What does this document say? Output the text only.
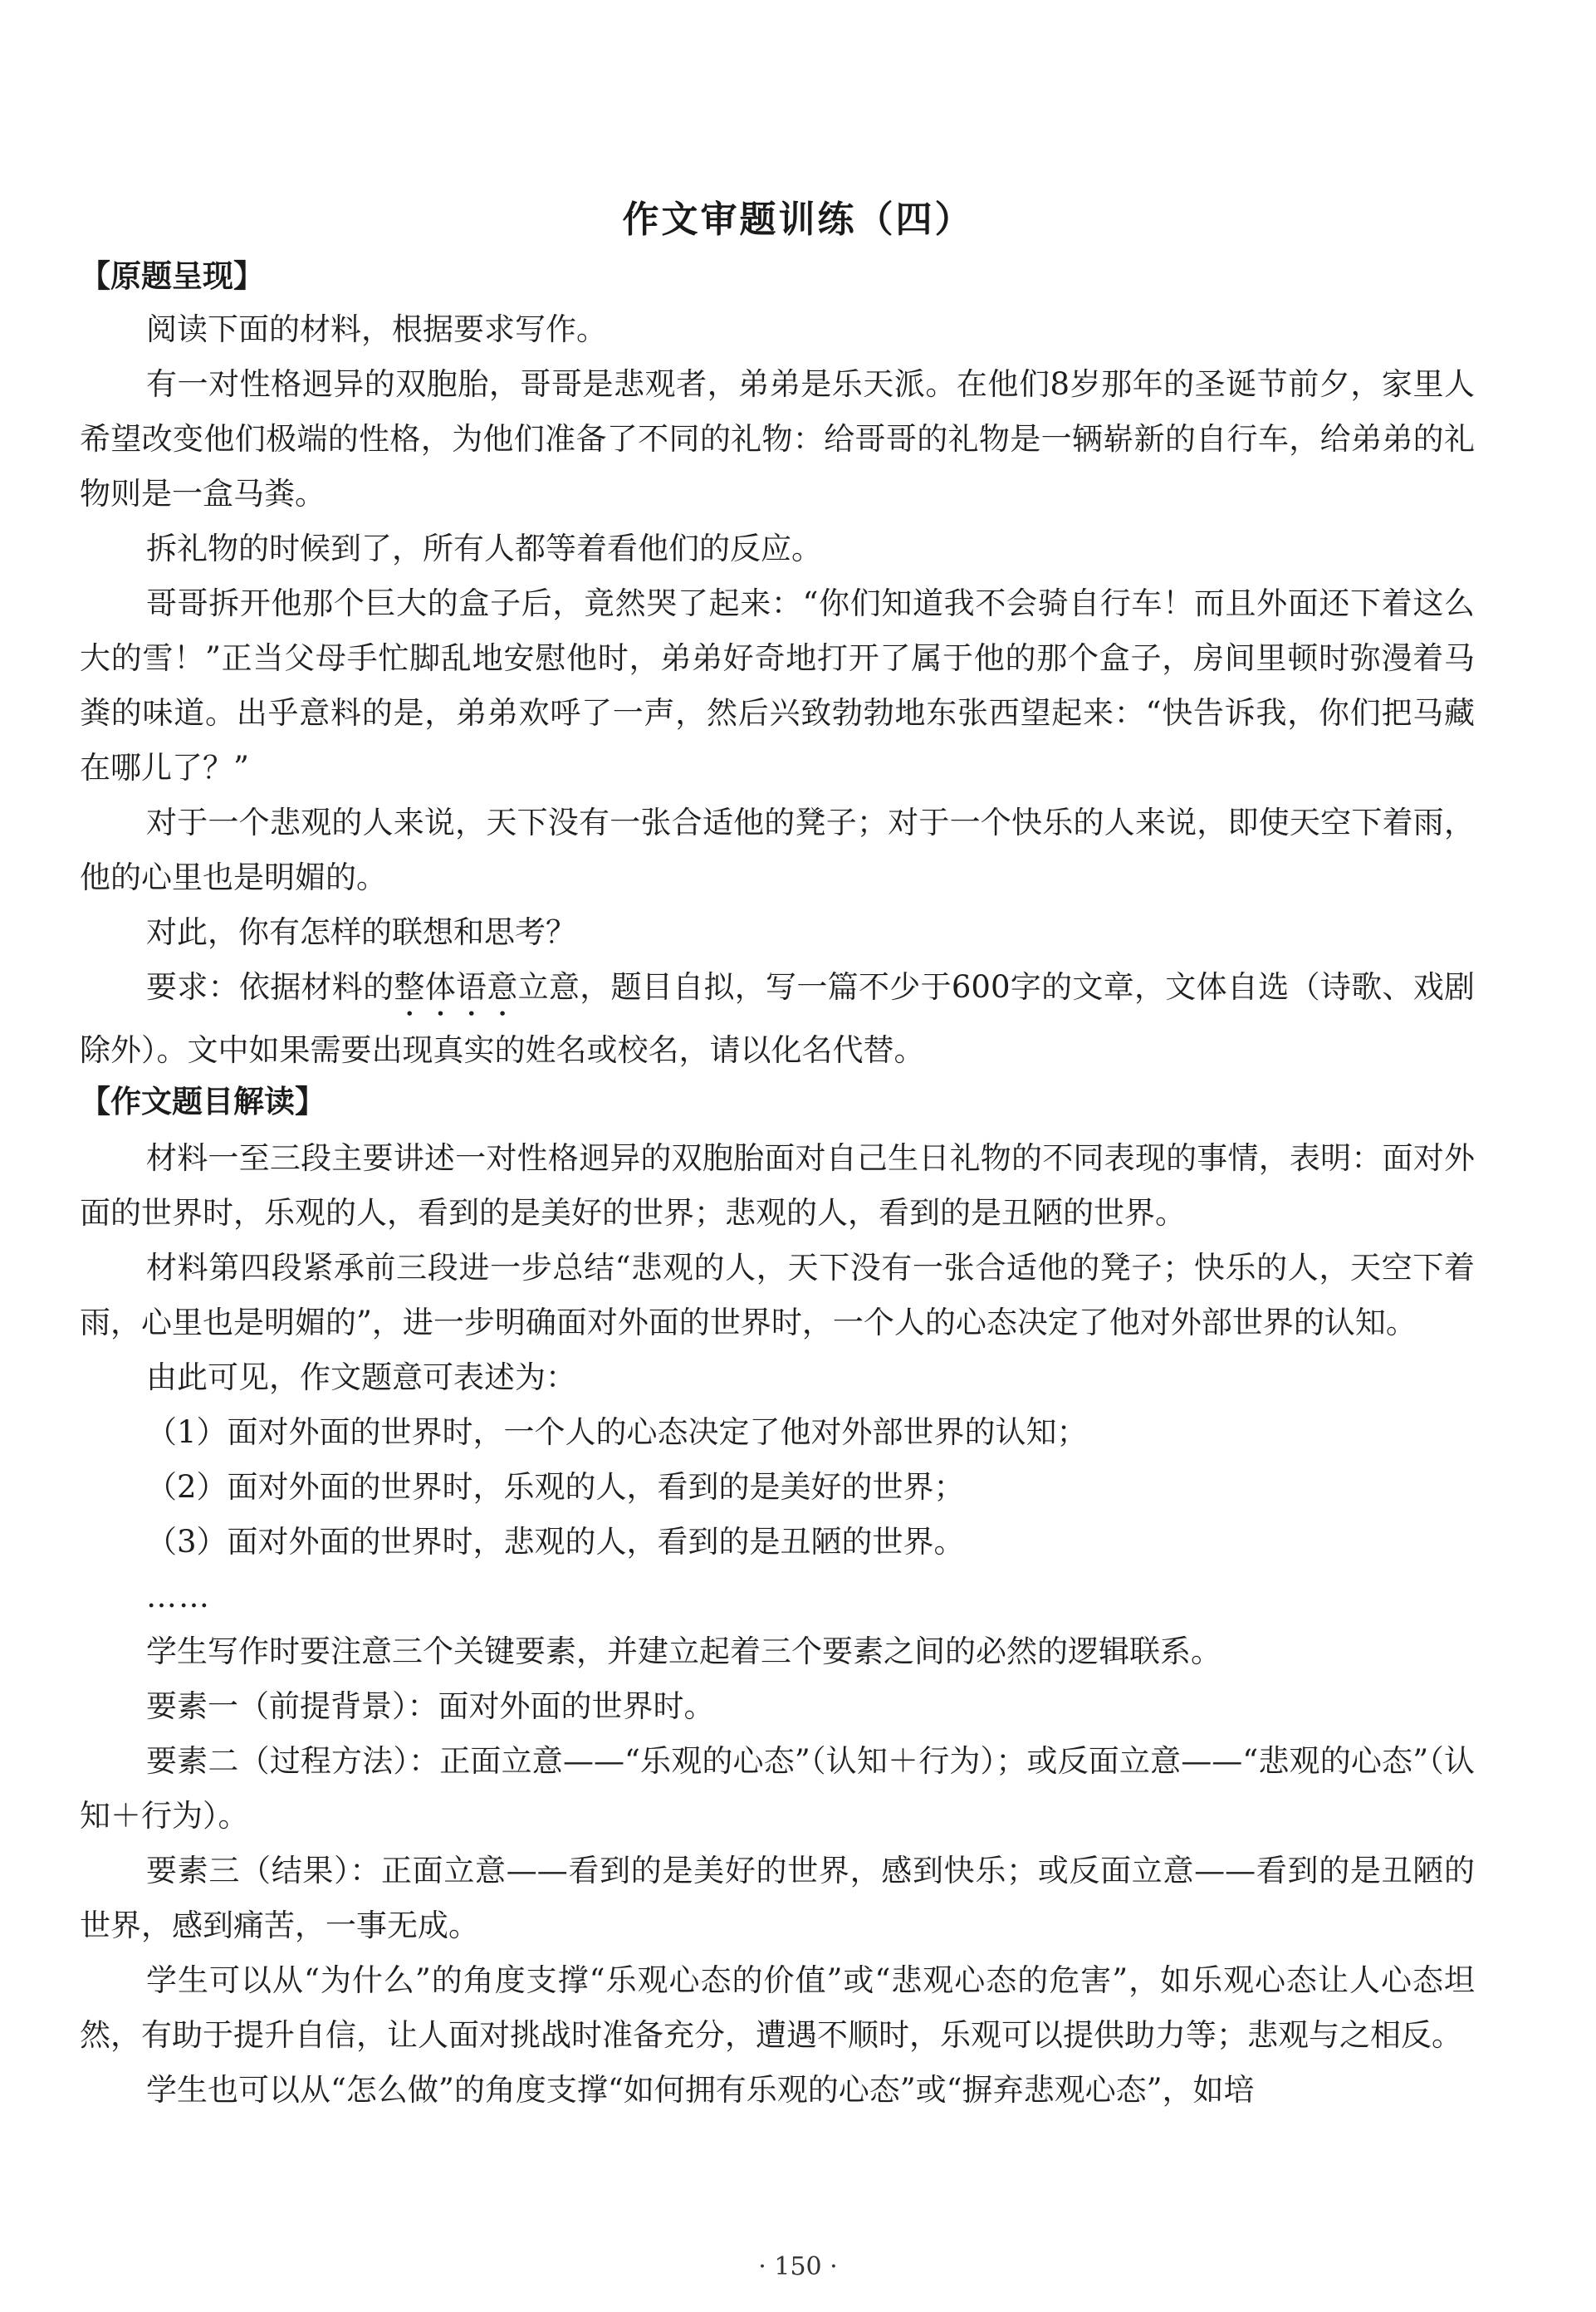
作文审题训练（四）
【原题呈现】

阅读下面的材料，根据要求写作。

有一对性格迥异的双胞胎，哥哥是悲观者，弟弟是乐天派。在他们8岁那年的圣诞节前夕，家里人希望改变他们极端的性格，为他们准备了不同的礼物：给哥哥的礼物是一辆崭新的自行车，给弟弟的礼物则是一盒马粪。

拆礼物的时候到了，所有人都等着看他们的反应。

哥哥拆开他那个巨大的盒子后，竟然哭了起来：“你们知道我不会骑自行车！而且外面还下着这么大的雪！”正当父母手忙脚乱地安慰他时，弟弟好奇地打开了属于他的那个盒子，房间里顿时弥漫着马粪的味道。出乎意料的是，弟弟欢呼了一声，然后兴致勃勃地东张西望起来：“快告诉我，你们把马藏在哪儿了？”

对于一个悲观的人来说，天下没有一张合适他的凳子；对于一个快乐的人来说，即使天空下着雨，他的心里也是明媚的。

对此，你有怎样的联想和思考？

要求：依据材料的整体语意立意，题目自拟，写一篇不少于600字的文章，文体自选（诗歌、戏剧除外）。文中如果需要出现真实的姓名或校名，请以化名代替。

【作文题目解读】

材料一至三段主要讲述一对性格迥异的双胞胎面对自己生日礼物的不同表现的事情，表明：面对外面的世界时，乐观的人，看到的是美好的世界；悲观的人，看到的是丑陋的世界。

材料第四段紧承前三段进一步总结“悲观的人，天下没有一张合适他的凳子；快乐的人，天空下着雨，心里也是明媚的”，进一步明确面对外面的世界时，一个人的心态决定了他对外部世界的认知。

由此可见，作文题意可表述为：

（1）面对外面的世界时，一个人的心态决定了他对外部世界的认知；

（2）面对外面的世界时，乐观的人，看到的是美好的世界；

（3）面对外面的世界时，悲观的人，看到的是丑陋的世界。

……

学生写作时要注意三个关键要素，并建立起着三个要素之间的必然的逻辑联系。

要素一（前提背景）：面对外面的世界时。

要素二（过程方法）：正面立意——“乐观的心态”（认知＋行为）；或反面立意——“悲观的心态”（认知＋行为）。

要素三（结果）：正面立意——看到的是美好的世界，感到快乐；或反面立意——看到的是丑陋的世界，感到痛苦，一事无成。

学生可以从“为什么”的角度支撑“乐观心态的价值”或“悲观心态的危害”，如乐观心态让人心态坦然，有助于提升自信，让人面对挑战时准备充分，遭遇不顺时，乐观可以提供助力等；悲观与之相反。

学生也可以从“怎么做”的角度支撑“如何拥有乐观的心态”或“摒弃悲观心态”，如培

· 150 ·
